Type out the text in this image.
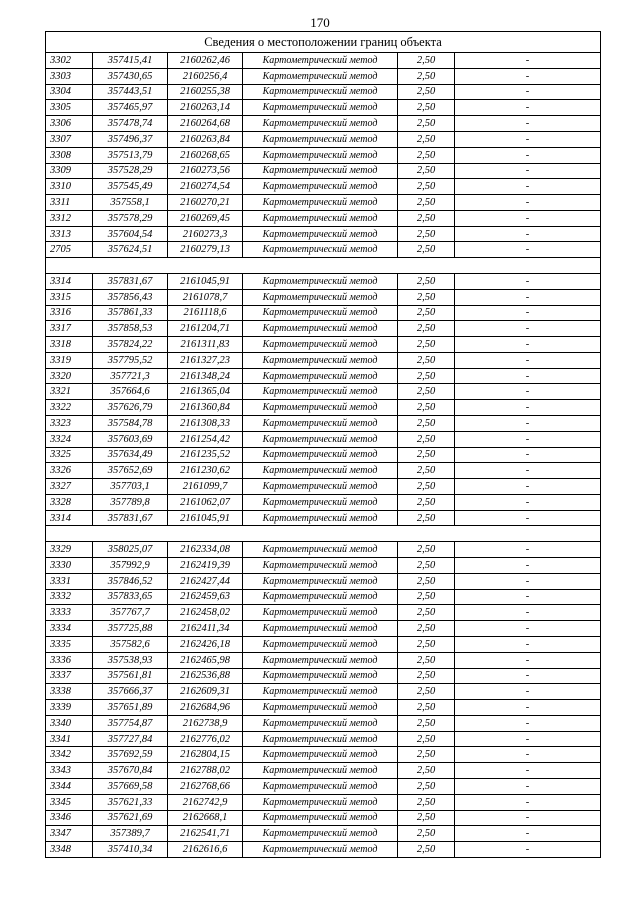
170
Сведения о местоположении границ объекта					
3302	357415,41	2160262,46	Картометрический метод	2,50	-
3303	357430,65	2160256,4	Картометрический метод	2,50	-
3304	357443,51	2160255,38	Картометрический метод	2,50	-
3305	357465,97	2160263,14	Картометрический метод	2,50	-
3306	357478,74	2160264,68	Картометрический метод	2,50	-
3307	357496,37	2160263,84	Картометрический метод	2,50	-
3308	357513,79	2160268,65	Картометрический метод	2,50	-
3309	357528,29	2160273,56	Картометрический метод	2,50	-
3310	357545,49	2160274,54	Картометрический метод	2,50	-
3311	357558,1	2160270,21	Картометрический метод	2,50	-
3312	357578,29	2160269,45	Картометрический метод	2,50	-
3313	357604,54	2160273,3	Картометрический метод	2,50	-
2705	357624,51	2160279,13	Картометрический метод	2,50	-

3314	357831,67	2161045,91	Картометрический метод	2,50	-
3315	357856,43	2161078,7	Картометрический метод	2,50	-
3316	357861,33	2161118,6	Картометрический метод	2,50	-
3317	357858,53	2161204,71	Картометрический метод	2,50	-
3318	357824,22	2161311,83	Картометрический метод	2,50	-
3319	357795,52	2161327,23	Картометрический метод	2,50	-
3320	357721,3	2161348,24	Картометрический метод	2,50	-
3321	357664,6	2161365,04	Картометрический метод	2,50	-
3322	357626,79	2161360,84	Картометрический метод	2,50	-
3323	357584,78	2161308,33	Картометрический метод	2,50	-
3324	357603,69	2161254,42	Картометрический метод	2,50	-
3325	357634,49	2161235,52	Картометрический метод	2,50	-
3326	357652,69	2161230,62	Картометрический метод	2,50	-
3327	357703,1	2161099,7	Картометрический метод	2,50	-
3328	357789,8	2161062,07	Картометрический метод	2,50	-
3314	357831,67	2161045,91	Картометрический метод	2,50	-

3329	358025,07	2162334,08	Картометрический метод	2,50	-
3330	357992,9	2162419,39	Картометрический метод	2,50	-
3331	357846,52	2162427,44	Картометрический метод	2,50	-
3332	357833,65	2162459,63	Картометрический метод	2,50	-
3333	357767,7	2162458,02	Картометрический метод	2,50	-
3334	357725,88	2162411,34	Картометрический метод	2,50	-
3335	357582,6	2162426,18	Картометрический метод	2,50	-
3336	357538,93	2162465,98	Картометрический метод	2,50	-
3337	357561,81	2162536,88	Картометрический метод	2,50	-
3338	357666,37	2162609,31	Картометрический метод	2,50	-
3339	357651,89	2162684,96	Картометрический метод	2,50	-
3340	357754,87	2162738,9	Картометрический метод	2,50	-
3341	357727,84	2162776,02	Картометрический метод	2,50	-
3342	357692,59	2162804,15	Картометрический метод	2,50	-
3343	357670,84	2162788,02	Картометрический метод	2,50	-
3344	357669,58	2162768,66	Картометрический метод	2,50	-
3345	357621,33	2162742,9	Картометрический метод	2,50	-
3346	357621,69	2162668,1	Картометрический метод	2,50	-
3347	357389,7	2162541,71	Картометрический метод	2,50	-
3348	357410,34	2162616,6	Картометрический метод	2,50	-
